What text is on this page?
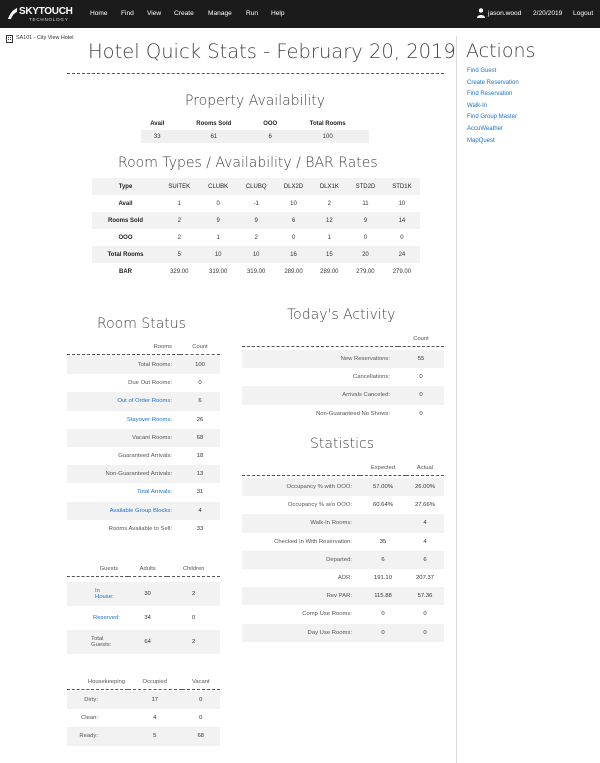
SKYTOUCH
TECHNOLOGY
Home Find View Create Manage Run Help	jason.wood 2/20/2019 Logout
SA101 - City View Hotel
Hotel Quick Stats - February 20, 2019 Actions
Find Guest
Create Reservation
Find Reservation
Walk-In
Find Group Master
AccuWeather
MapQuest
Property Availability
Avail	Rooms Sold	OOO	Total Rooms
33	61	6	100
Room Types / Availability / BAR Rates
Type	SUITEK	CLUBK	CLUBQ	DLX2D	DLX1K	STD2D	STD1K
Avail	1	0	-1	10	2	11	10
Rooms Sold	2	9	9	6	12	9	14
OOO	2	1	2	0	1	0	0
Total Rooms	5	10	10	16	15	20	24
BAR	329.00	319.00	319.00	289.00	289.00	279.00	279.00
Room Status
Rooms	Count

Total Rooms:	100
Due Out Rooms:	0
Out of Order Rooms:	6
Stayover Rooms:	26
Vacant Rooms:	68
Guaranteed Arrivals:	18
Non-Guaranteed Arrivals:	13
Total Arrivals:	31
Available Group Blocks:	4
Rooms Available to Sell:	33
Guests	Adults	Children

In House:	30	2
Reserved:	34	0
Total Guests:	64	2
Housekeeping	Occupied	Vacant

Dirty:	17	0
Clean:	4	0
Ready:	5	68
Today's Activity
	Count

New Reservations:	55
Cancellations:	0
Arrivals Canceled:	0
Non-Guaranteed No Shows:	0
Statistics
	Expected	Actual

Occupancy % with OOO:	57.00%	26.00%
Occupancy % w/o OOO:	60.64%	27.66%
Walk-In Rooms:		4
Checked In With Reservation:	35	4
Departed:	6	6
ADR:	191.10	207.37
Rev PAR:	115.88	57.36
Comp Use Rooms:	0	0
Day Use Rooms:	0	0
